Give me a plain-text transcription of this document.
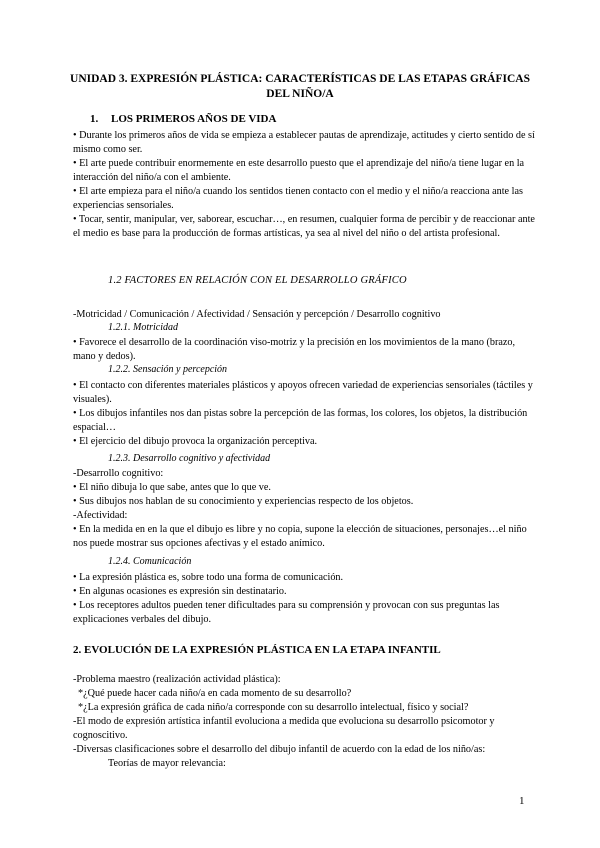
UNIDAD 3. EXPRESIÓN PLÁSTICA: CARACTERÍSTICAS DE LAS ETAPAS GRÁFICAS
DEL NIÑO/A
1. LOS PRIMEROS AÑOS DE VIDA

• Durante los primeros años de vida se empieza a establecer pautas de aprendizaje, actitudes y cierto sentido de sí mismo como ser.

• El arte puede contribuir enormemente en este desarrollo puesto que el aprendizaje del niño/a tiene lugar en la interacción del niño/a con el ambiente.

• El arte empieza para el niño/a cuando los sentidos tienen contacto con el medio y el niño/a reacciona ante las experiencias sensoriales.

• Tocar, sentir, manipular, ver, saborear, escuchar…, en resumen, cualquier forma de percibir y de reaccionar ante el medio es base para la producción de formas artísticas, ya sea al nivel del niño o del artista profesional.

1.2 FACTORES EN RELACIÓN CON EL DESARROLLO GRÁFICO
-Motricidad / Comunicación / Afectividad / Sensación y percepción / Desarrollo cognitivo
1.2.1. Motricidad
• Favorece el desarrollo de la coordinación viso-motriz y la precisión en los movimientos de la mano (brazo, mano y dedos).
1.2.2. Sensación y percepción

• El contacto con diferentes materiales plásticos y apoyos ofrecen variedad de experiencias sensoriales (táctiles y visuales).

• Los dibujos infantiles nos dan pistas sobre la percepción de las formas, los colores, los objetos, la distribución espacial…

• El ejercicio del dibujo provoca la organización perceptiva.

1.2.3. Desarrollo cognitivo y afectividad

-Desarrollo cognitivo:

• El niño dibuja lo que sabe, antes que lo que ve.

• Sus dibujos nos hablan de su conocimiento y experiencias respecto de los objetos.

-Afectividad:

• En la medida en en la que el dibujo es libre y no copia, supone la elección de situaciones, personajes…el niño nos puede mostrar sus opciones afectivas y el estado anímico.

1.2.4. Comunicación

• La expresión plástica es, sobre todo una forma de comunicación.

• En algunas ocasiones es expresión sin destinatario.

• Los receptores adultos pueden tener dificultades para su comprensión y provocan con sus preguntas las explicaciones verbales del dibujo.

2. EVOLUCIÓN DE LA EXPRESIÓN PLÁSTICA EN LA ETAPA INFANTIL

-Problema maestro (realización actividad plástica):

*¿Qué puede hacer cada niño/a en cada momento de su desarrollo?

*¿La expresión gráfica de cada niño/a corresponde con su desarrollo intelectual, físico y social?

-El modo de expresión artística infantil evoluciona a medida que evoluciona su desarrollo psicomotor y cognoscitivo.

-Diversas clasificaciones sobre el desarrollo del dibujo infantil de acuerdo con la edad de los niño/as:

Teorías de mayor relevancia:

1
